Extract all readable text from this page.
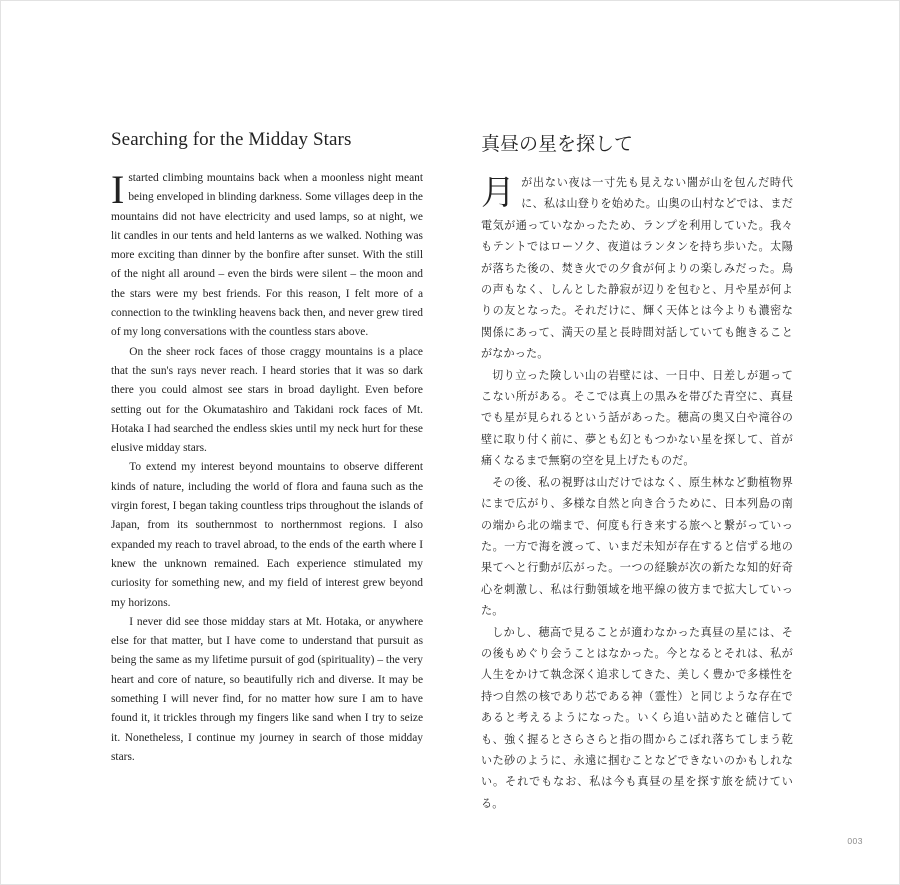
Searching for the Midday Stars

Istarted climbing mountains back when a moonless night meant being enveloped in blinding darkness. Some villages deep in the mountains did not have electricity and used lamps, so at night, we lit candles in our tents and held lanterns as we walked. Nothing was more exciting than dinner by the bonfire after sunset. With the still of the night all around – even the birds were silent – the moon and the stars were my best friends. For this reason, I felt more of a connection to the twinkling heavens back then, and never grew tired of my long conversations with the countless stars above.

On the sheer rock faces of those craggy mountains is a place that the sun's rays never reach. I heard stories that it was so dark there you could almost see stars in broad daylight. Even before setting out for the Okumatashiro and Takidani rock faces of Mt. Hotaka I had searched the endless skies until my neck hurt for these elusive midday stars.

To extend my interest beyond mountains to observe different kinds of nature, including the world of flora and fauna such as the virgin forest, I began taking countless trips throughout the islands of Japan, from its southernmost to northernmost regions. I also expanded my reach to travel abroad, to the ends of the earth where I knew the unknown remained. Each experience stimulated my curiosity for something new, and my field of interest grew beyond my horizons.

I never did see those midday stars at Mt. Hotaka, or anywhere else for that matter, but I have come to understand that pursuit as being the same as my lifetime pursuit of god (spirituality) – the very heart and core of nature, so beautifully rich and diverse. It may be something I will never find, for no matter how sure I am to have found it, it trickles through my fingers like sand when I try to seize it. Nonetheless, I continue my journey in search of those midday stars.

真昼の星を探して

月が出ない夜は一寸先も見えない闇が山を包んだ時代に、私は山登りを始めた。山奥の山村などでは、まだ電気が通っていなかったため、ランプを利用していた。我々もテントではローソク、夜道はランタンを持ち歩いた。太陽が落ちた後の、焚き火での夕食が何よりの楽しみだった。鳥の声もなく、しんとした静寂が辺りを包むと、月や星が何よりの友となった。それだけに、輝く天体とは今よりも濃密な関係にあって、満天の星と長時間対話していても飽きることがなかった。

切り立った険しい山の岩壁には、一日中、日差しが廻ってこない所がある。そこでは真上の黒みを帯びた青空に、真昼でも星が見られるという話があった。穂高の奥又白や滝谷の壁に取り付く前に、夢とも幻ともつかない星を探して、首が痛くなるまで無窮の空を見上げたものだ。

その後、私の視野は山だけではなく、原生林など動植物界にまで広がり、多様な自然と向き合うために、日本列島の南の端から北の端まで、何度も行き来する旅へと繋がっていった。一方で海を渡って、いまだ未知が存在すると信ずる地の果てへと行動が広がった。一つの経験が次の新たな知的好奇心を刺激し、私は行動領域を地平線の彼方まで拡大していった。

しかし、穂高で見ることが適わなかった真昼の星には、その後もめぐり会うことはなかった。今となるとそれは、私が人生をかけて執念深く追求してきた、美しく豊かで多様性を持つ自然の核であり芯である神（霊性）と同じような存在であると考えるようになった。いくら追い詰めたと確信しても、強く握るとさらさらと指の間からこぼれ落ちてしまう乾いた砂のように、永遠に掴むことなどできないのかもしれない。それでもなお、私は今も真昼の星を探す旅を続けている。

003
